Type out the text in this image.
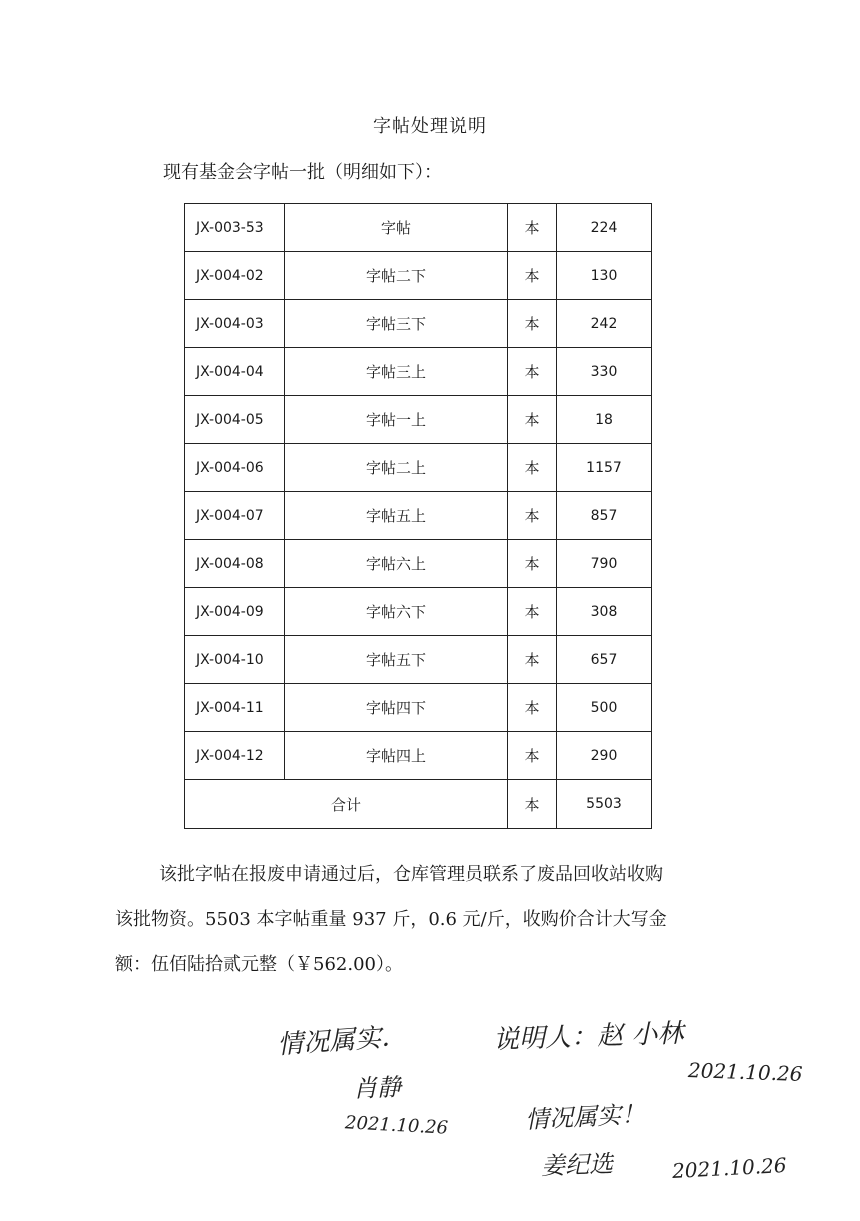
字帖处理说明
现有基金会字帖一批（明细如下）：
JX-003-53	字帖	本	224
JX-004-02	字帖二下	本	130
JX-004-03	字帖三下	本	242
JX-004-04	字帖三上	本	330
JX-004-05	字帖一上	本	18
JX-004-06	字帖二上	本	1157
JX-004-07	字帖五上	本	857
JX-004-08	字帖六上	本	790
JX-004-09	字帖六下	本	308
JX-004-10	字帖五下	本	657
JX-004-11	字帖四下	本	500
JX-004-12	字帖四上	本	290
合计		本	5503
该批字帖在报废申请通过后，仓库管理员联系了废品回收站收购
该批物资。5503 本字帖重量 937 斤，0.6 元/斤，收购价合计大写金
额：伍佰陆拾贰元整（￥562.00）。
情况属实．
肖静
2021.10.26
说明人：赵 小林
2021.10.26
情况属实！
姜纪选	2021.10.26
